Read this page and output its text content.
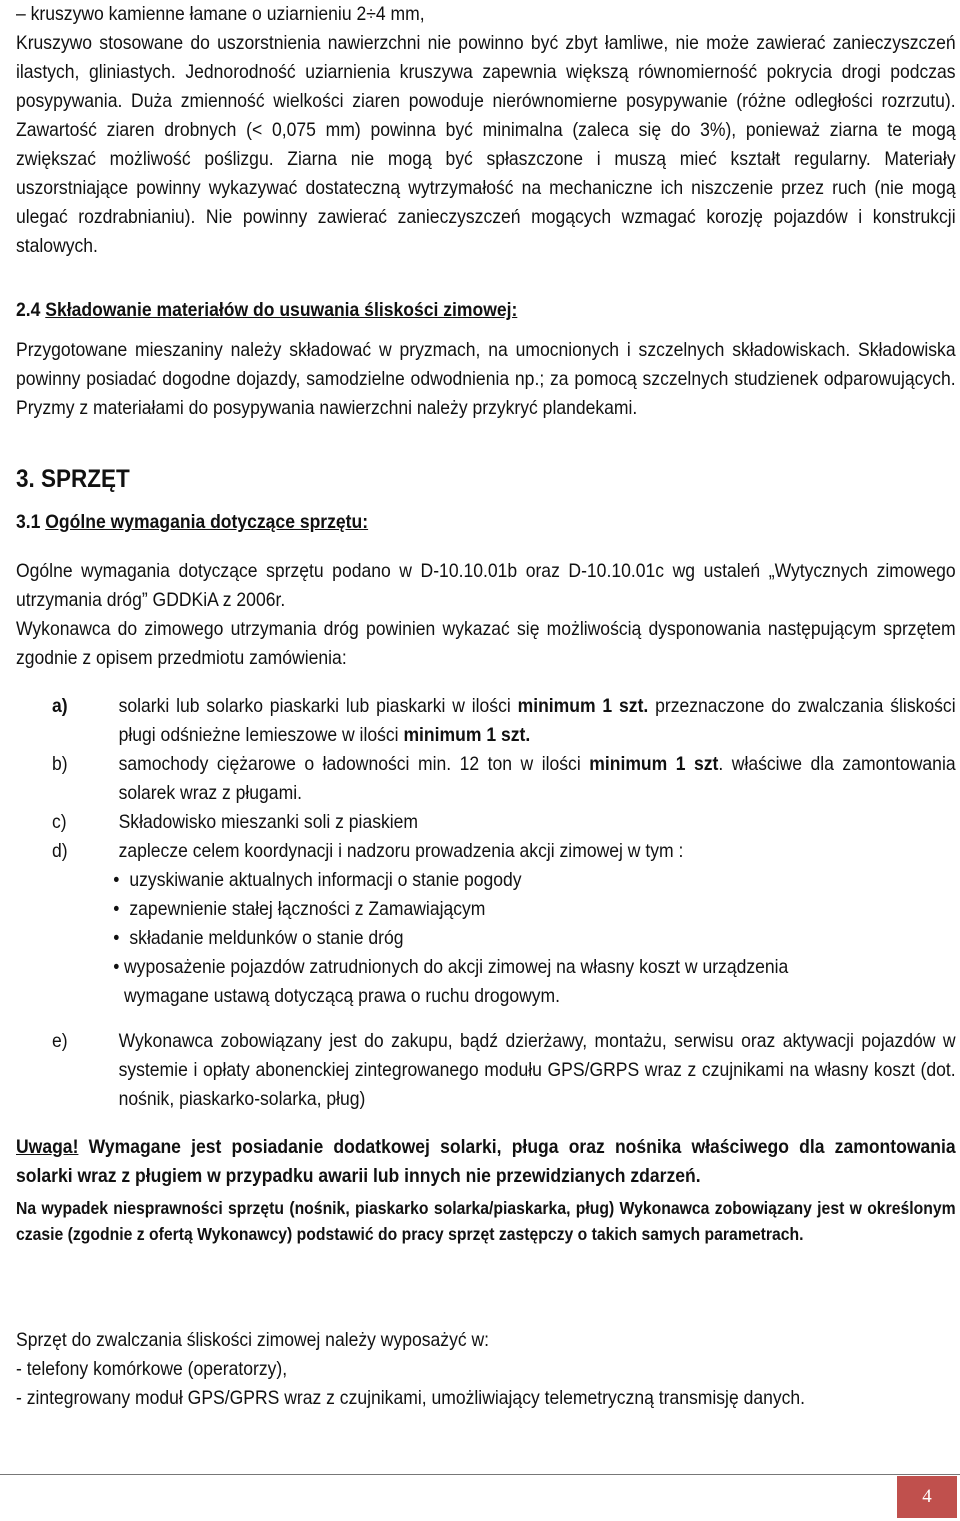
– kruszywo kamienne łamane o uziarnieniu 2÷4 mm,

Kruszywo stosowane do uszorstnienia nawierzchni nie powinno być zbyt łamliwe, nie może zawierać zanieczyszczeń ilastych, gliniastych. Jednorodność uziarnienia kruszywa zapewnia większą równomierność pokrycia drogi podczas posypywania. Duża zmienność wielkości ziaren powoduje nierównomierne posypywanie (różne odległości rozrzutu). Zawartość ziaren drobnych (< 0,075 mm) powinna być minimalna (zaleca się do 3%), ponieważ ziarna te mogą zwiększać możliwość poślizgu. Ziarna nie mogą być spłaszczone i muszą mieć kształt regularny. Materiały uszorstniające powinny wykazywać dostateczną wytrzymałość na mechaniczne ich niszczenie przez ruch (nie mogą ulegać rozdrabnianiu). Nie powinny zawierać zanieczyszczeń mogących wzmagać korozję pojazdów i konstrukcji stalowych.

2.4 Składowanie materiałów do usuwania śliskości zimowej:

Przygotowane mieszaniny należy składować w pryzmach, na umocnionych i szczelnych składowiskach. Składowiska powinny posiadać dogodne dojazdy, samodzielne odwodnienia np.; za pomocą szczelnych studzienek odparowujących. Pryzmy z materiałami do posypywania nawierzchni należy przykryć plandekami.

3. SPRZĘT
3.1 Ogólne wymagania dotyczące sprzętu:

Ogólne wymagania dotyczące sprzętu podano w D-10.10.01b oraz D-10.10.01c wg ustaleń „Wytycznych zimowego utrzymania dróg” GDDKiA z 2006r.

Wykonawca do zimowego utrzymania dróg powinien wykazać się możliwością dysponowania następującym sprzętem zgodnie z opisem przedmiotu zamówienia:

a)	solarki lub solarko piaskarki lub piaskarki w ilości minimum 1 szt. przeznaczone do zwalczania śliskości pługi odśnieżne lemieszowe w ilości minimum 1 szt.
b)	samochody ciężarowe o ładowności min. 12 ton w ilości minimum 1 szt. właściwe dla zamontowania solarek wraz z pługami.
c)	Składowisko mieszanki soli z piaskiem
d)	zaplecze celem koordynacji i nadzoru prowadzenia akcji zimowej w tym :
• uzyskiwanie aktualnych informacji o stanie pogody
• zapewnienie stałej łączności z Zamawiającym
• składanie meldunków o stanie dróg
• wyposażenie pojazdów zatrudnionych do akcji zimowej na własny koszt w urządzenia
wymagane ustawą dotyczącą prawa o ruchu drogowym.
e)	Wykonawca zobowiązany jest do zakupu, bądź dzierżawy, montażu, serwisu oraz aktywacji pojazdów w systemie i opłaty abonenckiej zintegrowanego modułu GPS/GRPS wraz z czujnikami na własny koszt (dot. nośnik, piaskarko-solarka, pług)

Uwaga! Wymagane jest posiadanie dodatkowej solarki, pługa oraz nośnika właściwego dla zamontowania solarki wraz z pługiem w przypadku awarii lub innych nie przewidzianych zdarzeń.

Na wypadek niesprawności sprzętu (nośnik, piaskarko solarka/piaskarka, pług) Wykonawca zobowiązany jest w określonym czasie (zgodnie z ofertą Wykonawcy) podstawić do pracy sprzęt zastępczy o takich samych parametrach.

Sprzęt do zwalczania śliskości zimowej należy wyposażyć w:

- telefony komórkowe (operatorzy),

- zintegrowany moduł GPS/GPRS wraz z czujnikami, umożliwiający telemetryczną transmisję danych.

4
